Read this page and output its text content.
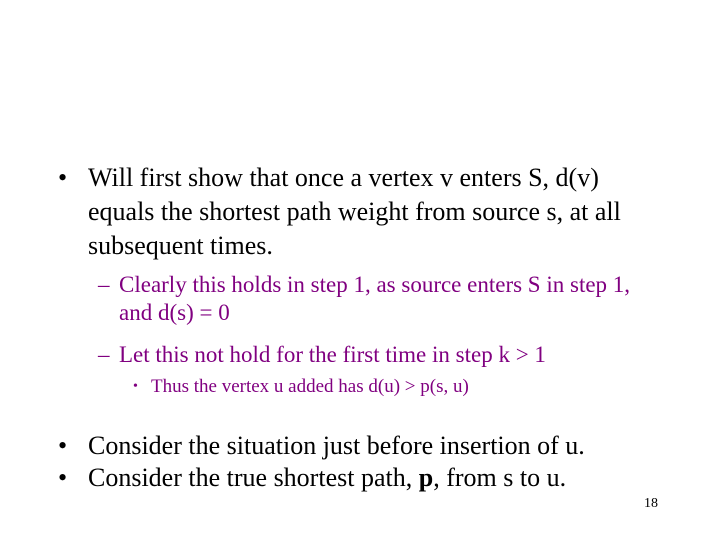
• Will first show that once a vertex v enters S, d(v) equals the shortest path weight from source s, at all subsequent times.
– Clearly this holds in step 1, as source enters S in step 1, and d(s) = 0
– Let this not hold for the first time in step k > 1
• Thus the vertex u added has d(u) > p(s, u)
• Consider the situation just before insertion of u.
• Consider the true shortest path, p, from s to u.
18
